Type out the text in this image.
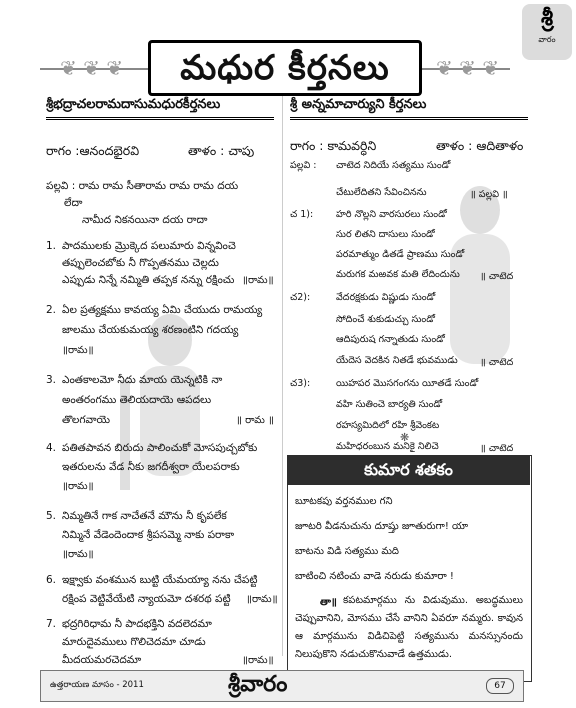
శ్రీ
వారం
❦ ❦ ❦	❦ ❦ ❦
మధుర కీర్తనలు
శ్రీభద్రాచలరామదాసుమధురకీర్తనలు
రాగం :ఆనందభైరవి	తాళం : చాపు
పల్లవి : రామ రామ సీతారామ రామ రామ దయ
లేదా
నామీద నికనయినా దయ రాదా
1. పాదములకు మ్రొక్కెద పలుమారు విన్నవించె
తప్పులెంచబోకు నీ గొప్పతనము చెల్లదు
ఎప్పుడు నిన్నే నమ్మితి తప్పక నన్ను రక్షించు ॥రామ॥
2. ఏల ప్రత్యక్షము కావయ్య ఏమి చేయుదు రామయ్య
జాలము చేయకుమయ్య శరణంటిని గదయ్య
॥రామ॥
3. ఎంతకాలమో నీదు మాయ యెన్నటికి నా
అంతరంగము తెలియదాయె ఆపదలు
తొలగవాయె	॥ రామ ॥
4. పతితపావన బిరుదు పాలించుకో మోసపుచ్చబోకు
ఇతరులను వేడ నీకు జగదీశ్వరా యేలపరాకు
॥రామ॥
5. నిమ్మతినే గాక నాచేతనే మౌను నీ కృపలేక
నిమ్మినే వేడెందెందాక శ్రీపసమ్మె నాకు పరాకా
॥రామ॥
6. ఇక్ష్వాకు వంశమున బుట్టి యేమయ్యా నను చేపట్టి
రక్షింప వెట్టివేయేటి న్యాయమో దశరథ పట్టి ॥రామ॥
7. భద్రగిరిధామ నీ పాదభక్తిని వదలెదమా
మారుదైవములు గొలిచెదమా చూడు
మీదయమరచెదమా	॥రామ॥
శ్రీ అన్నమాచార్యుని కీర్తనలు
రాగం : కామవర్ధిని	తాళం : ఆదితాళం
పల్లవి : చాటెద నిదియే సత్యము సుండో
చేటులేదితని సేవించినను	॥ పల్లవి ॥
చ 1): హరి నొల్లని వారసురలు సుండో
సుర లితని దాసులు సుండో
పరమాత్ముం డితడే ప్రాణము సుండో
మరుగక మఱవక మతి లేదిందును ॥ చాటెద
చ2):	వేదరక్షకుడు విష్ణుడు సుండో
సోదించే శుకుడుచ్చు సుండో
ఆదిపురుష గన్నాతుడు సుండో
యేదెస వెదకిన నితడే భువముడు ॥ చాటెద
చ3):	యిహపర మొసగంగను యీతడే సుండో
వహి సుతించె బార్యతి సుండో
రహస్యమిదిలో రహి శ్రీవెంకట
మహిధరంబున మనికై నిలిచె	॥ చాటెద
❋
కుమార శతకం
బూటకపు వర్తనముల గని
జూటరి వీడనుచును దూష్తు జూతురుగా! యా
బాటను విడి సత్యము మది
బాటించి నటించు వాడె నరుడు కుమారా !
తా॥ కపటమార్గము ను విడువుము. అబద్ధములు చెప్పువానిని, మోసము చేసే వానిని ఏవరూ నమ్మరు. కావున ఆ మార్గమును విడిచిపెట్టి సత్యమును మనస్సునందు నిలుపుకొని నడుచుకొనువాడే ఉత్తముడు.
ఉత్తరాయణ మాసం - 2011	శ్రీవారం	67
